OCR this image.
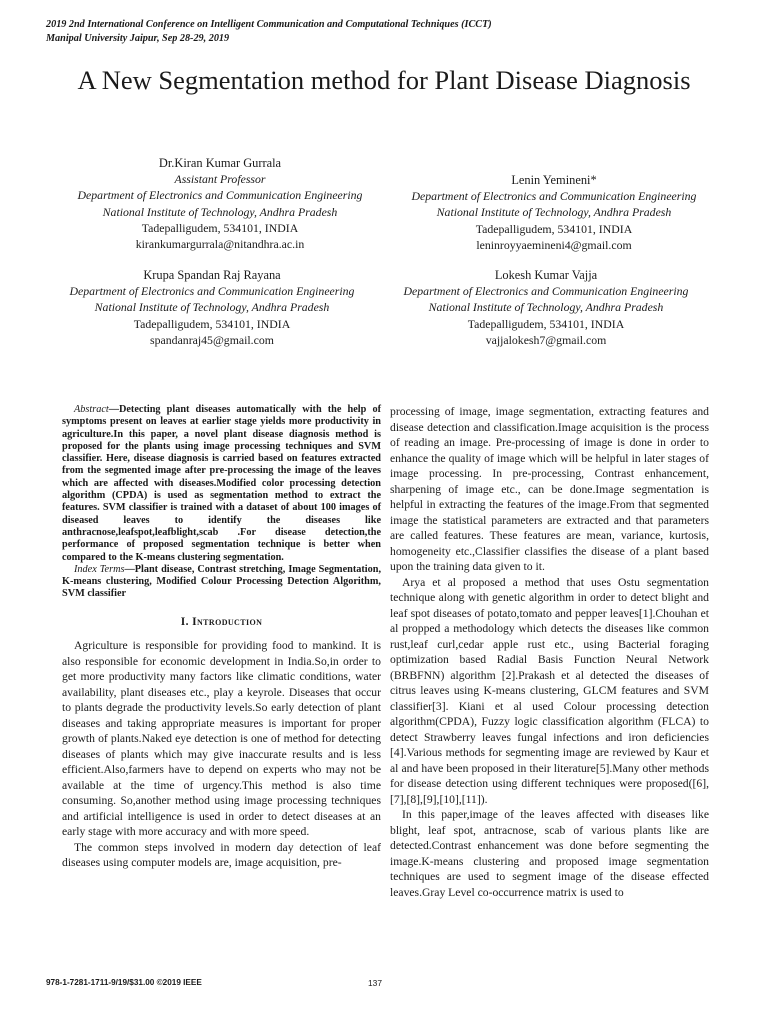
2019 2nd International Conference on Intelligent Communication and Computational Techniques (ICCT)
Manipal University Jaipur, Sep 28-29, 2019
A New Segmentation method for Plant Disease Diagnosis
Dr.Kiran Kumar Gurrala
Assistant Professor
Department of Electronics and Communication Engineering
National Institute of Technology, Andhra Pradesh
Tadepalligudem, 534101, INDIA
kirankumargurrala@nitandhra.ac.in
Lenin Yemineni*
Department of Electronics and Communication Engineering
National Institute of Technology, Andhra Pradesh
Tadepalligudem, 534101, INDIA
leninroyyaemineni4@gmail.com
Krupa Spandan Raj Rayana
Department of Electronics and Communication Engineering
National Institute of Technology, Andhra Pradesh
Tadepalligudem, 534101, INDIA
spandanraj45@gmail.com
Lokesh Kumar Vajja
Department of Electronics and Communication Engineering
National Institute of Technology, Andhra Pradesh
Tadepalligudem, 534101, INDIA
vajjalokesh7@gmail.com

Abstract—Detecting plant diseases automatically with the help of symptoms present on leaves at earlier stage yields more productivity in agriculture.In this paper, a novel plant disease diagnosis method is proposed for the plants using image processing techniques and SVM classifier. Here, disease diagnosis is carried based on features extracted from the segmented image after pre-processing the image of the leaves which are affected with diseases.Modified color processing detection algorithm (CPDA) is used as segmentation method to extract the features. SVM classifier is trained with a dataset of about 100 images of diseased leaves to identify the diseases like anthracnose,leafspot,leafblight,scab .For disease detection,the performance of proposed segmentation technique is better when compared to the K-means clustering segmentation.

Index Terms—Plant disease, Contrast stretching, Image Segmentation, K-means clustering, Modified Colour Processing Detection Algorithm, SVM classifier

I. Introduction

Agriculture is responsible for providing food to mankind. It is also responsible for economic development in India.So,in order to get more productivity many factors like climatic conditions, water availability, plant diseases etc., play a keyrole. Diseases that occur to plants degrade the productivity levels.So early detection of plant diseases and taking appropriate measures is important for proper growth of plants.Naked eye detection is one of method for detecting diseases of plants which may give inaccurate results and is less efficient.Also,farmers have to depend on experts who may not be available at the time of urgency.This method is also time consuming. So,another method using image processing techniques and artificial intelligence is used in order to detect diseases at an early stage with more accuracy and with more speed.

The common steps involved in modern day detection of leaf diseases using computer models are, image acquisition, pre-

processing of image, image segmentation, extracting features and disease detection and classification.Image acquisition is the process of reading an image. Pre-processing of image is done in order to enhance the quality of image which will be helpful in later stages of image processing. In pre-processing, Contrast enhancement, sharpening of image etc., can be done.Image segmentation is helpful in extracting the features of the image.From that segmented image the statistical parameters are extracted and that parameters are called features. These features are mean, variance, kurtosis, homogeneity etc.,Classifier classifies the disease of a plant based upon the training data given to it.

Arya et al proposed a method that uses Ostu segmentation technique along with genetic algorithm in order to detect blight and leaf spot diseases of potato,tomato and pepper leaves[1].Chouhan et al propped a methodology which detects the diseases like common rust,leaf curl,cedar apple rust etc., using Bacterial foraging optimization based Radial Basis Function Neural Network (BRBFNN) algorithm [2].Prakash et al detected the diseases of citrus leaves using K-means clustering, GLCM features and SVM classifier[3]. Kiani et al used Colour processing detection algorithm(CPDA), Fuzzy logic classification algorithm (FLCA) to detect Strawberry leaves fungal infections and iron deficiencies [4].Various methods for segmenting image are reviewed by Kaur et al and have been proposed in their literature[5].Many other methods for disease detection using different techniques were proposed([6],[7],[8],[9],[10],[11]).

In this paper,image of the leaves affected with diseases like blight, leaf spot, antracnose, scab of various plants like are detected.Contrast enhancement was done before segmenting the image.K-means clustering and proposed image segmentation techniques are used to segment image of the disease effected leaves.Gray Level co-occurrence matrix is used to

978-1-7281-1711-9/19/$31.00 ©2019 IEEE	137
